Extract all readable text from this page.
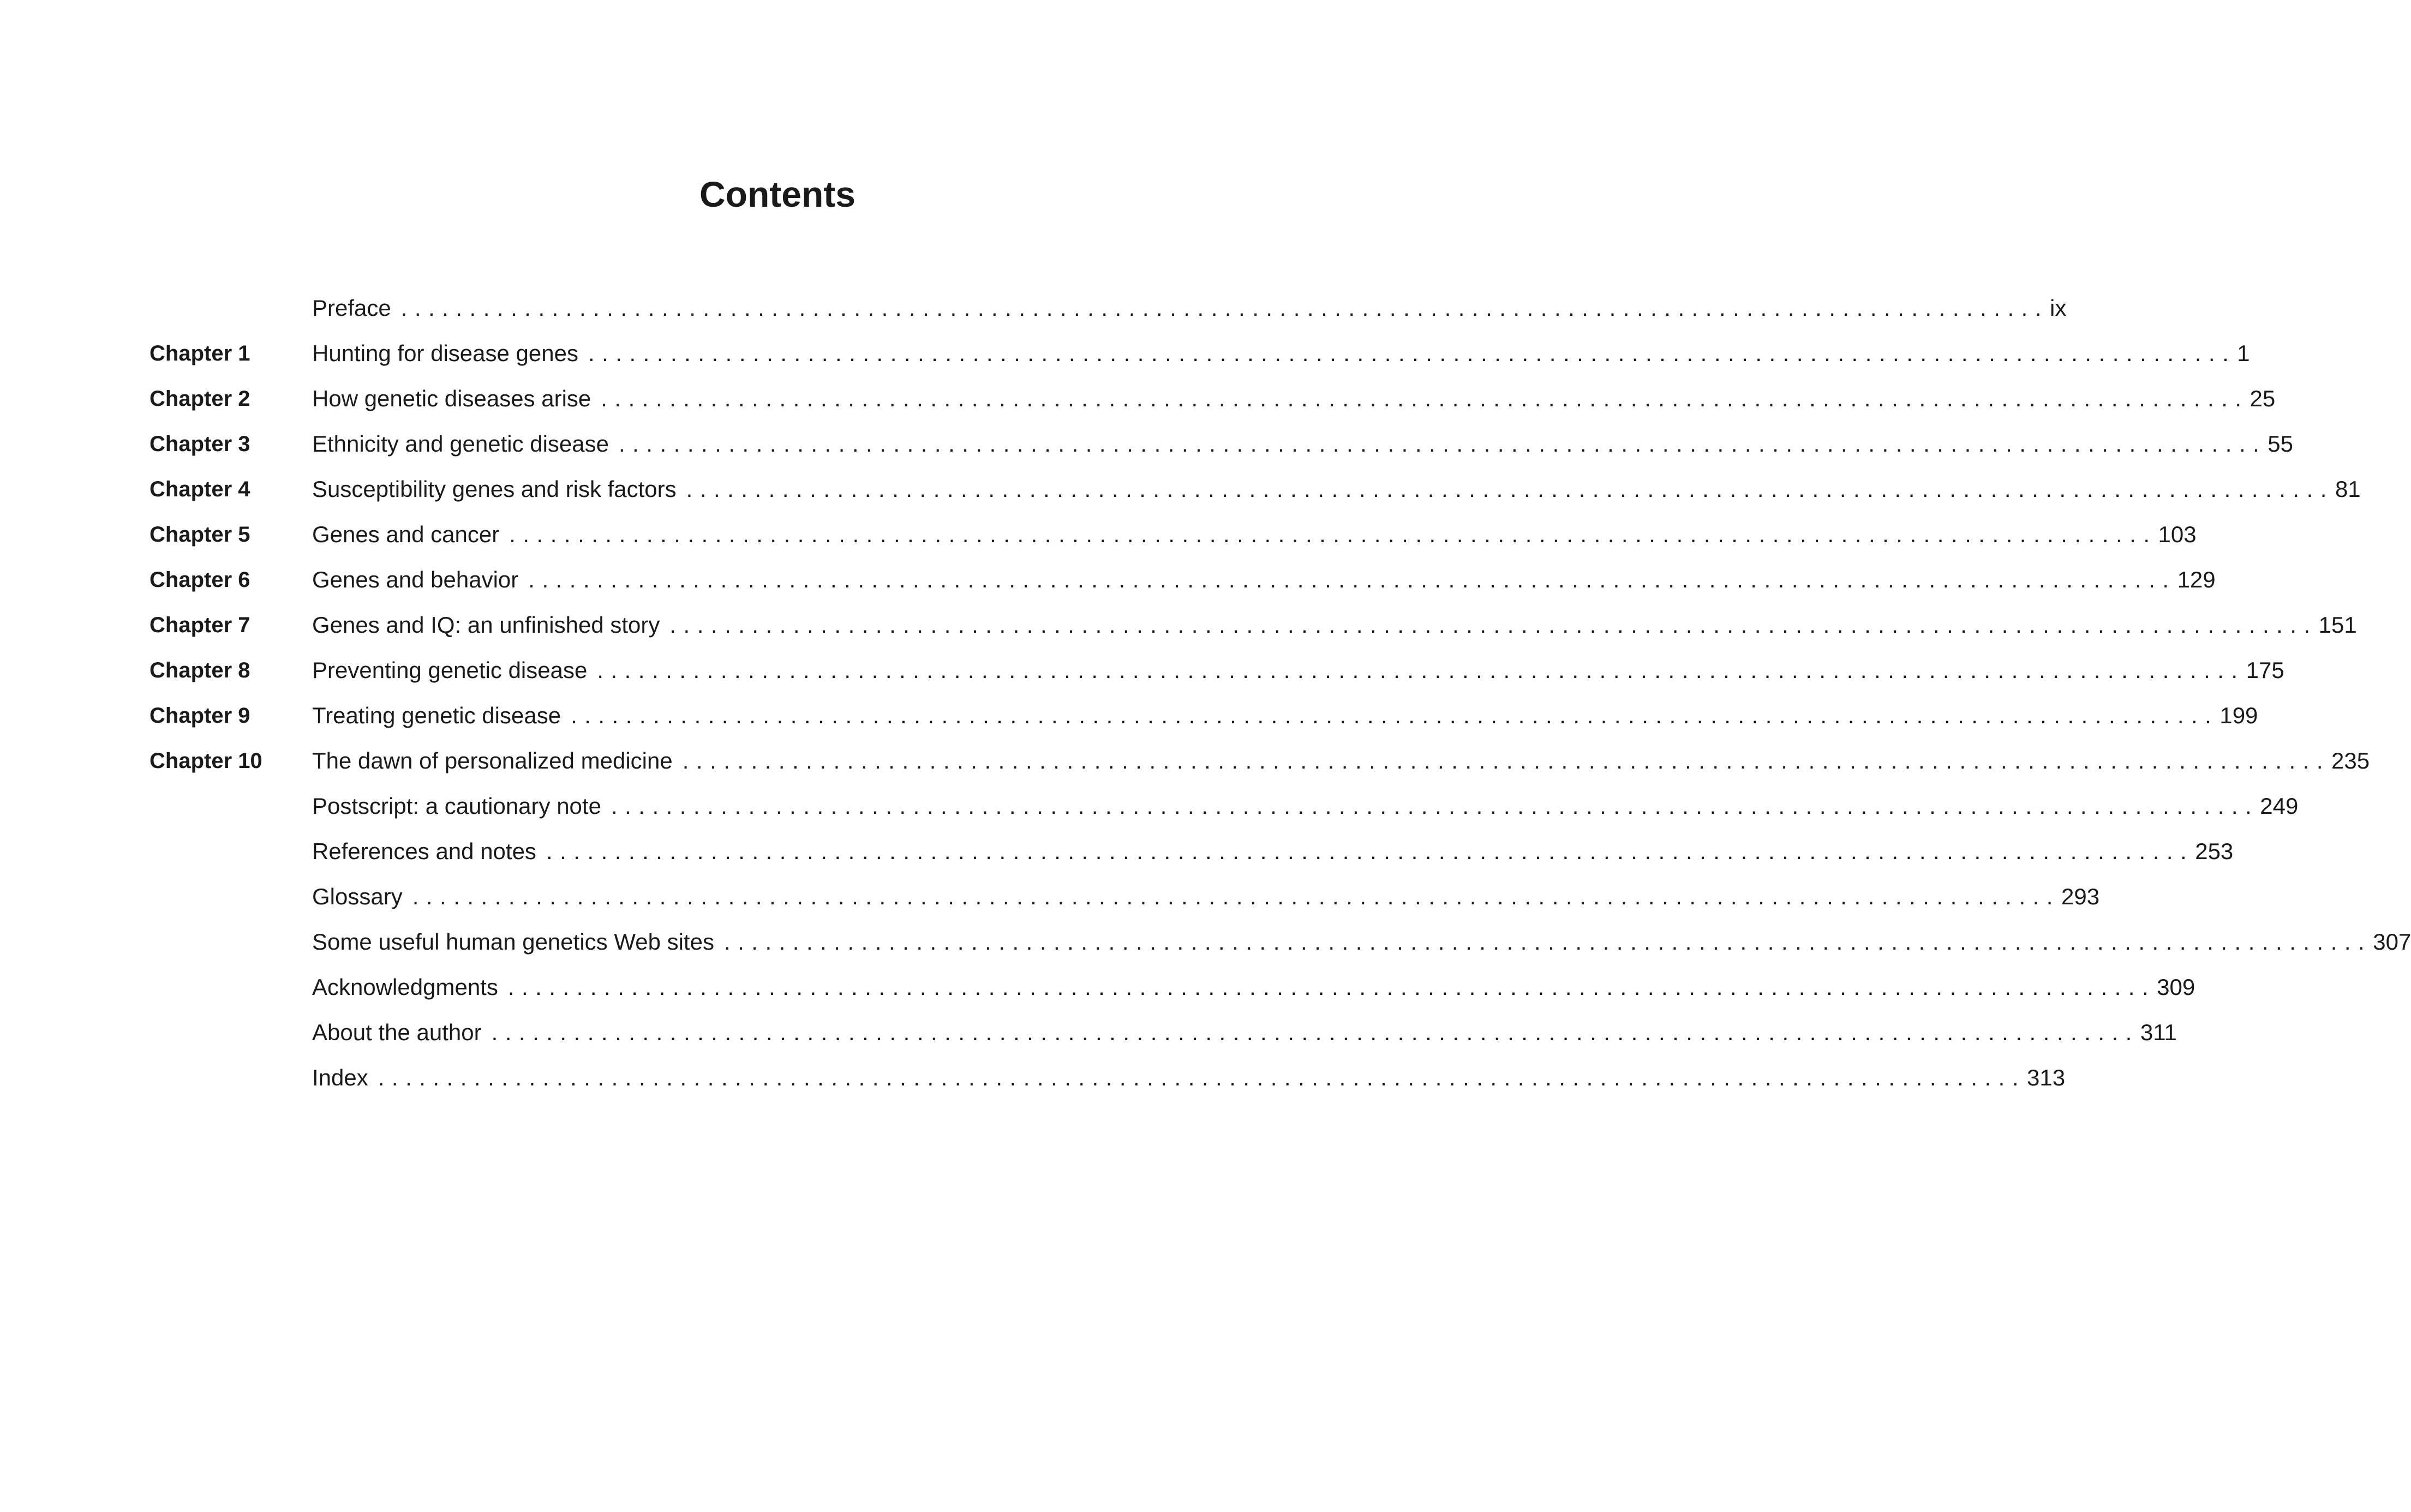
Contents
Preface ........................................................................................................................ ix
Chapter 1	Hunting for disease genes ........................................................................................................................ 1
Chapter 2	How genetic diseases arise ........................................................................................................................ 25
Chapter 3	Ethnicity and genetic disease ........................................................................................................................ 55
Chapter 4	Susceptibility genes and risk factors ........................................................................................................................ 81
Chapter 5	Genes and cancer ........................................................................................................................ 103
Chapter 6	Genes and behavior ........................................................................................................................ 129
Chapter 7	Genes and IQ: an unfinished story ........................................................................................................................ 151
Chapter 8	Preventing genetic disease ........................................................................................................................ 175
Chapter 9	Treating genetic disease ........................................................................................................................ 199
Chapter 10 The dawn of personalized medicine ........................................................................................................................ 235
Postscript: a cautionary note ........................................................................................................................ 249
References and notes ........................................................................................................................ 253
Glossary ........................................................................................................................ 293
Some useful human genetics Web sites ........................................................................................................................ 307
Acknowledgments ........................................................................................................................ 309
About the author ........................................................................................................................ 311
Index ........................................................................................................................ 313
